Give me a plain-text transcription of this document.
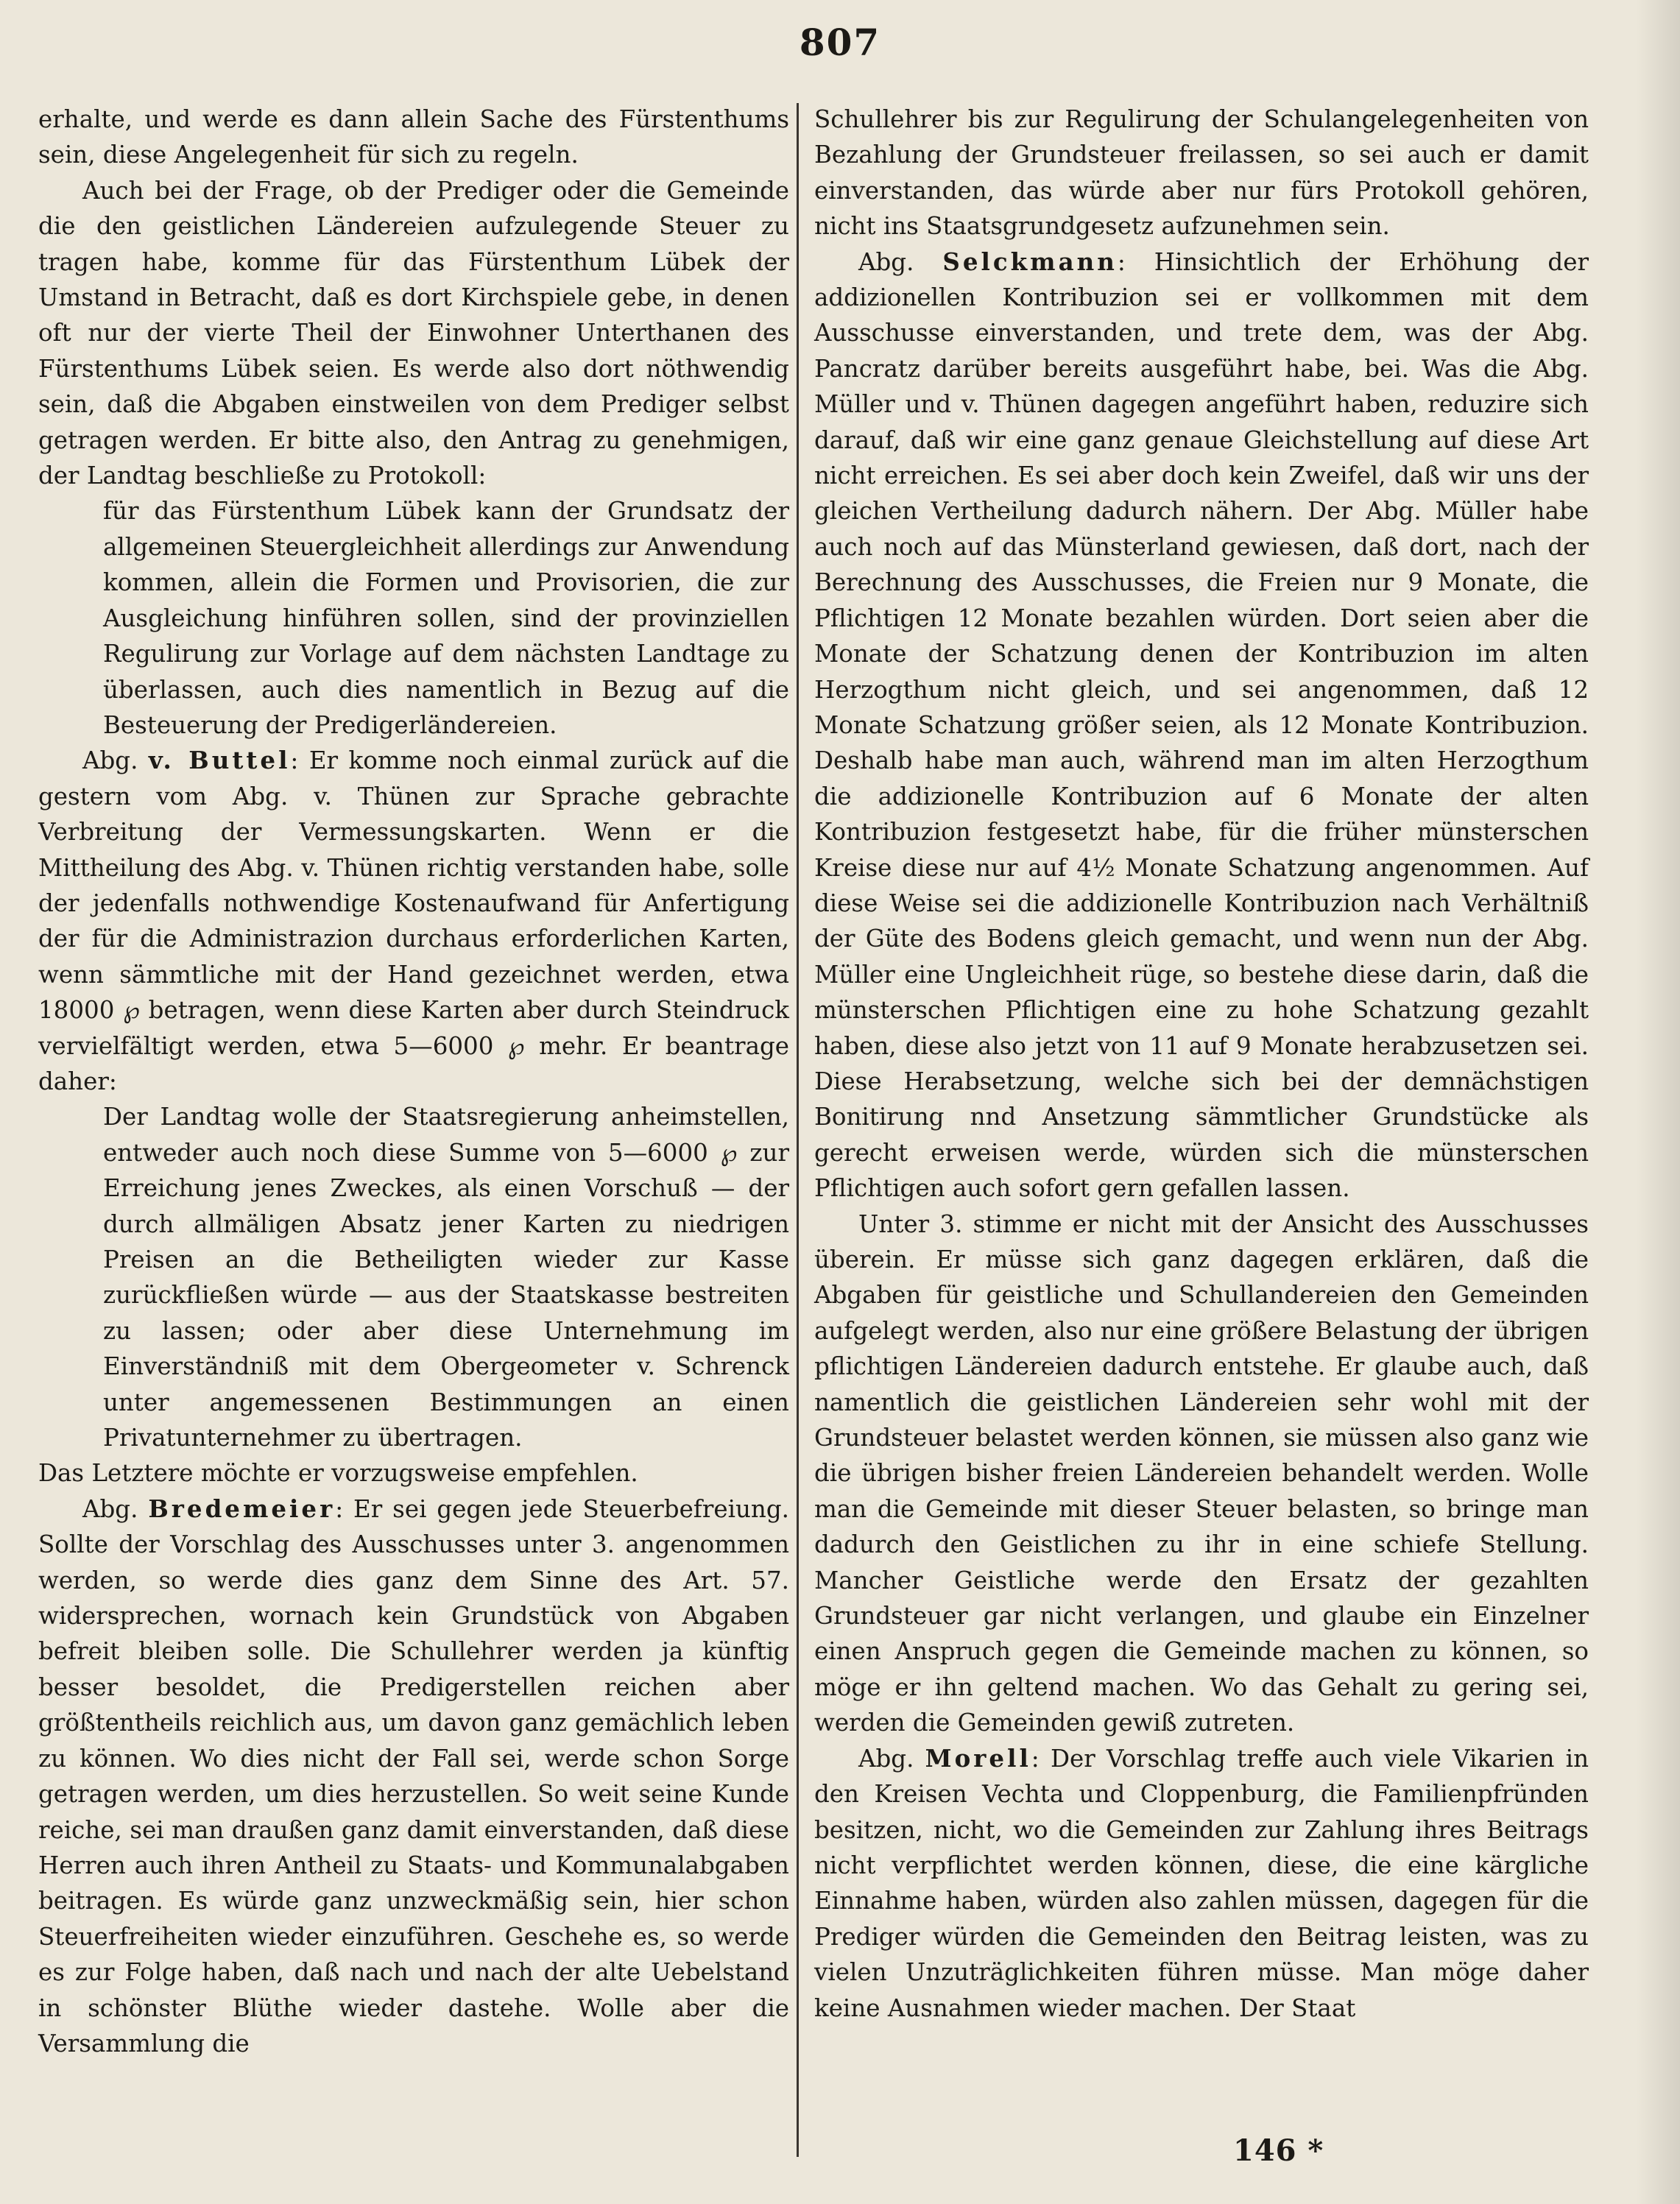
807

erhalte, und werde es dann allein Sache des Fürstenthums sein, diese Angelegenheit für sich zu regeln.

Auch bei der Frage, ob der Prediger oder die Gemeinde die den geistlichen Ländereien aufzulegende Steuer zu tragen habe, komme für das Fürstenthum Lübek der Umstand in Betracht, daß es dort Kirchspiele gebe, in denen oft nur der vierte Theil der Einwohner Unterthanen des Fürstenthums Lübek seien. Es werde also dort nöthwendig sein, daß die Abgaben einstweilen von dem Prediger selbst getragen werden. Er bitte also, den Antrag zu genehmigen, der Landtag beschließe zu Protokoll:

für das Fürstenthum Lübek kann der Grundsatz der allgemeinen Steuergleichheit allerdings zur Anwendung kommen, allein die Formen und Provisorien, die zur Ausgleichung hinführen sollen, sind der provinziellen Regulirung zur Vorlage auf dem nächsten Landtage zu überlassen, auch dies namentlich in Bezug auf die Besteuerung der Predigerländereien.

Abg. v. Buttel: Er komme noch einmal zurück auf die gestern vom Abg. v. Thünen zur Sprache gebrachte Verbreitung der Vermessungskarten. Wenn er die Mittheilung des Abg. v. Thünen richtig verstanden habe, solle der jedenfalls nothwendige Kostenaufwand für Anfertigung der für die Administrazion durchaus erforderlichen Karten, wenn sämmtliche mit der Hand gezeichnet werden, etwa 18000 ℘ betragen, wenn diese Karten aber durch Steindruck vervielfältigt werden, etwa 5—6000 ℘ mehr. Er beantrage daher:

Der Landtag wolle der Staatsregierung anheimstellen, entweder auch noch diese Summe von 5—6000 ℘ zur Erreichung jenes Zweckes, als einen Vorschuß — der durch allmäligen Absatz jener Karten zu niedrigen Preisen an die Betheiligten wieder zur Kasse zurückfließen würde — aus der Staatskasse bestreiten zu lassen; oder aber diese Unternehmung im Einverständniß mit dem Obergeometer v. Schrenck unter angemessenen Bestimmungen an einen Privatunternehmer zu übertragen.

Das Letztere möchte er vorzugsweise empfehlen.

Abg. Bredemeier: Er sei gegen jede Steuerbefreiung. Sollte der Vorschlag des Ausschusses unter 3. angenommen werden, so werde dies ganz dem Sinne des Art. 57. widersprechen, wornach kein Grundstück von Abgaben befreit bleiben solle. Die Schullehrer werden ja künftig besser besoldet, die Predigerstellen reichen aber größtentheils reichlich aus, um davon ganz gemächlich leben zu können. Wo dies nicht der Fall sei, werde schon Sorge getragen werden, um dies herzustellen. So weit seine Kunde reiche, sei man draußen ganz damit einverstanden, daß diese Herren auch ihren Antheil zu Staats- und Kommunalabgaben beitragen. Es würde ganz unzweckmäßig sein, hier schon Steuerfreiheiten wieder einzuführen. Geschehe es, so werde es zur Folge haben, daß nach und nach der alte Uebelstand in schönster Blüthe wieder dastehe. Wolle aber die Versammlung die

Schullehrer bis zur Regulirung der Schulangelegenheiten von Bezahlung der Grundsteuer freilassen, so sei auch er damit einverstanden, das würde aber nur fürs Protokoll gehören, nicht ins Staatsgrundgesetz aufzunehmen sein.

Abg. Selckmann: Hinsichtlich der Erhöhung der addizionellen Kontribuzion sei er vollkommen mit dem Ausschusse einverstanden, und trete dem, was der Abg. Pancratz darüber bereits ausgeführt habe, bei. Was die Abg. Müller und v. Thünen dagegen angeführt haben, reduzire sich darauf, daß wir eine ganz genaue Gleichstellung auf diese Art nicht erreichen. Es sei aber doch kein Zweifel, daß wir uns der gleichen Vertheilung dadurch nähern. Der Abg. Müller habe auch noch auf das Münsterland gewiesen, daß dort, nach der Berechnung des Ausschusses, die Freien nur 9 Monate, die Pflichtigen 12 Monate bezahlen würden. Dort seien aber die Monate der Schatzung denen der Kontribuzion im alten Herzogthum nicht gleich, und sei angenommen, daß 12 Monate Schatzung größer seien, als 12 Monate Kontribuzion. Deshalb habe man auch, während man im alten Herzogthum die addizionelle Kontribuzion auf 6 Monate der alten Kontribuzion festgesetzt habe, für die früher münsterschen Kreise diese nur auf 4½ Monate Schatzung angenommen. Auf diese Weise sei die addizionelle Kontribuzion nach Verhältniß der Güte des Bodens gleich gemacht, und wenn nun der Abg. Müller eine Ungleichheit rüge, so bestehe diese darin, daß die münsterschen Pflichtigen eine zu hohe Schatzung gezahlt haben, diese also jetzt von 11 auf 9 Monate herabzusetzen sei. Diese Herabsetzung, welche sich bei der demnächstigen Bonitirung nnd Ansetzung sämmtlicher Grundstücke als gerecht erweisen werde, würden sich die münsterschen Pflichtigen auch sofort gern gefallen lassen.

Unter 3. stimme er nicht mit der Ansicht des Ausschusses überein. Er müsse sich ganz dagegen erklären, daß die Abgaben für geistliche und Schullandereien den Gemeinden aufgelegt werden, also nur eine größere Belastung der übrigen pflichtigen Ländereien dadurch entstehe. Er glaube auch, daß namentlich die geistlichen Ländereien sehr wohl mit der Grundsteuer belastet werden können, sie müssen also ganz wie die übrigen bisher freien Ländereien behandelt werden. Wolle man die Gemeinde mit dieser Steuer belasten, so bringe man dadurch den Geistlichen zu ihr in eine schiefe Stellung. Mancher Geistliche werde den Ersatz der gezahlten Grundsteuer gar nicht verlangen, und glaube ein Einzelner einen Anspruch gegen die Gemeinde machen zu können, so möge er ihn geltend machen. Wo das Gehalt zu gering sei, werden die Gemeinden gewiß zutreten.

Abg. Morell: Der Vorschlag treffe auch viele Vikarien in den Kreisen Vechta und Cloppenburg, die Familienpfründen besitzen, nicht, wo die Gemeinden zur Zahlung ihres Beitrags nicht verpflichtet werden können, diese, die eine kärgliche Einnahme haben, würden also zahlen müssen, dagegen für die Prediger würden die Gemeinden den Beitrag leisten, was zu vielen Unzuträglichkeiten führen müsse. Man möge daher keine Ausnahmen wieder machen. Der Staat

146 *
